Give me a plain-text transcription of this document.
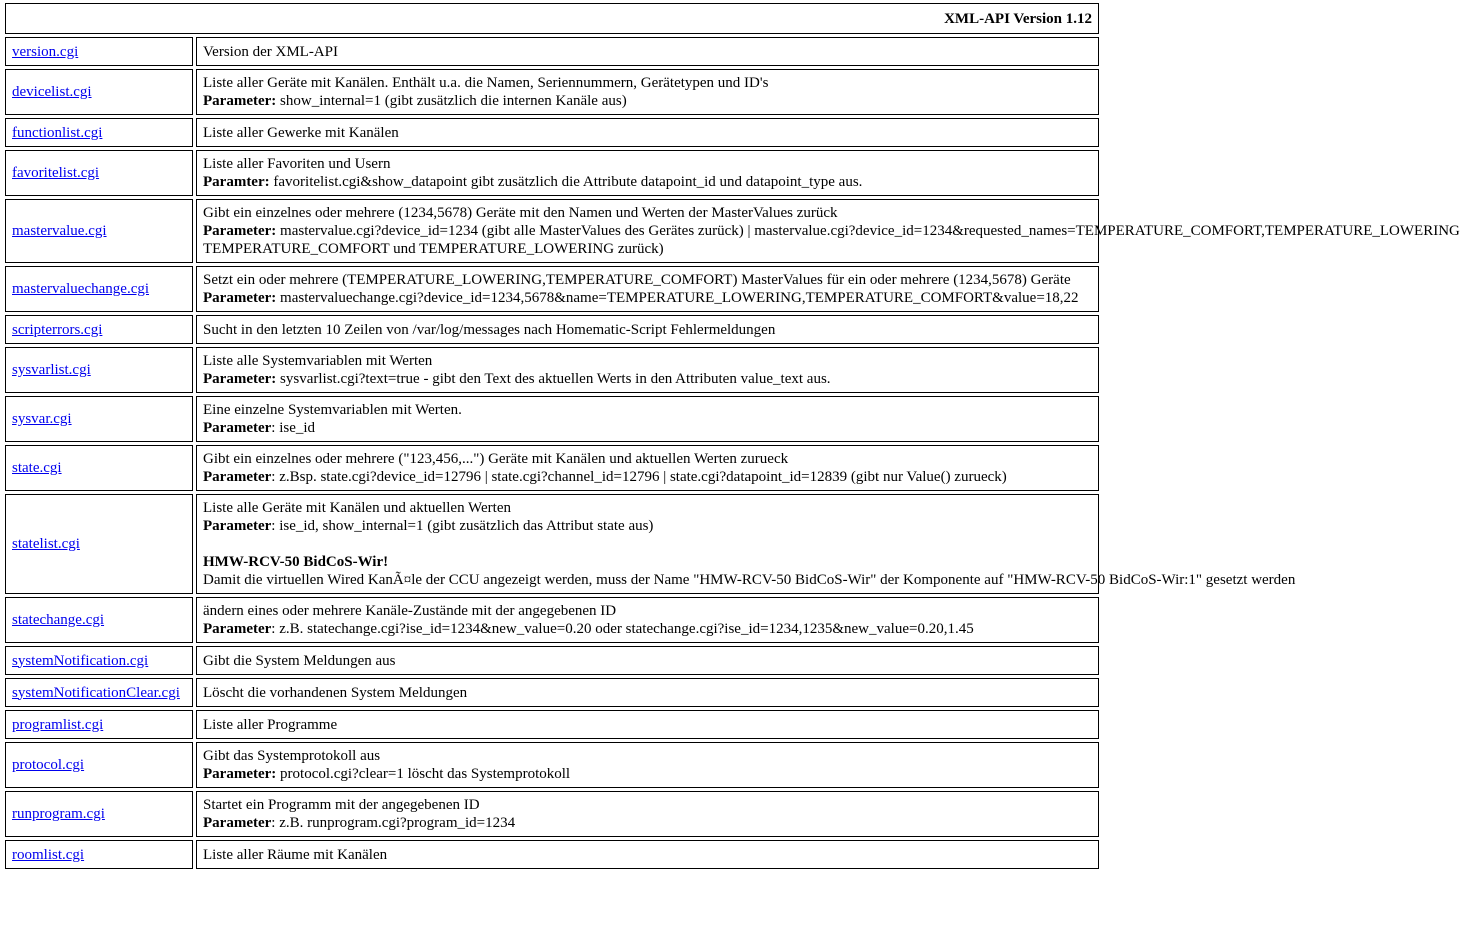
XML-API Version 1.12	
version.cgi	Version der XML-API

devicelist.cgi	Liste aller Geräte mit Kanälen. Enthält u.a. die Namen, Seriennummern, Gerätetypen und ID's
Parameter: show_internal=1 (gibt zusätzlich die internen Kanäle aus)

functionlist.cgi	Liste aller Gewerke mit Kanälen

favoritelist.cgi	Liste aller Favoriten und Usern
Paramter: favoritelist.cgi&show_datapoint gibt zusätzlich die Attribute datapoint_id und datapoint_type aus.

mastervalue.cgi	Gibt ein einzelnes oder mehrere (1234,5678) Geräte mit den Namen und Werten der MasterValues zurück
Parameter: mastervalue.cgi?device_id=1234 (gibt alle MasterValues des Gerätes zurück) | mastervalue.cgi?device_id=1234&requested_names=TEMPERATURE_COMFORT,TEMPERATURE_LOWERING
TEMPERATURE_COMFORT und TEMPERATURE_LOWERING zurück)

mastervaluechange.cgi	Setzt ein oder mehrere (TEMPERATURE_LOWERING,TEMPERATURE_COMFORT) MasterValues für ein oder mehrere (1234,5678) Geräte
Parameter: mastervaluechange.cgi?device_id=1234,5678&name=TEMPERATURE_LOWERING,TEMPERATURE_COMFORT&value=18,22

scripterrors.cgi	Sucht in den letzten 10 Zeilen von /var/log/messages nach Homematic-Script Fehlermeldungen

sysvarlist.cgi	Liste alle Systemvariablen mit Werten
Parameter: sysvarlist.cgi?text=true - gibt den Text des aktuellen Werts in den Attributen value_text aus.

sysvar.cgi	Eine einzelne Systemvariablen mit Werten.
Parameter: ise_id

state.cgi	Gibt ein einzelnes oder mehrere ("123,456,...") Geräte mit Kanälen und aktuellen Werten zurueck
Parameter: z.Bsp. state.cgi?device_id=12796 | state.cgi?channel_id=12796 | state.cgi?datapoint_id=12839 (gibt nur Value() zurueck)

statelist.cgi	Liste alle Geräte mit Kanälen und aktuellen Werten
Parameter: ise_id, show_internal=1 (gibt zusätzlich das Attribut state aus)
HMW-RCV-50 BidCoS-Wir!
Damit die virtuellen Wired KanÃ¤le der CCU angezeigt werden, muss der Name "HMW-RCV-50 BidCoS-Wir" der Komponente auf "HMW-RCV-50 BidCoS-Wir:1" gesetzt werden

statechange.cgi	ändern eines oder mehrere Kanäle-Zustände mit der angegebenen ID
Parameter: z.B. statechange.cgi?ise_id=1234&new_value=0.20 oder statechange.cgi?ise_id=1234,1235&new_value=0.20,1.45

systemNotification.cgi	Gibt die System Meldungen aus

systemNotificationClear.cgi	Löscht die vorhandenen System Meldungen

programlist.cgi	Liste aller Programme

protocol.cgi	Gibt das Systemprotokoll aus
Parameter: protocol.cgi?clear=1 löscht das Systemprotokoll

runprogram.cgi	Startet ein Programm mit der angegebenen ID
Parameter: z.B. runprogram.cgi?program_id=1234

roomlist.cgi	Liste aller Räume mit Kanälen
